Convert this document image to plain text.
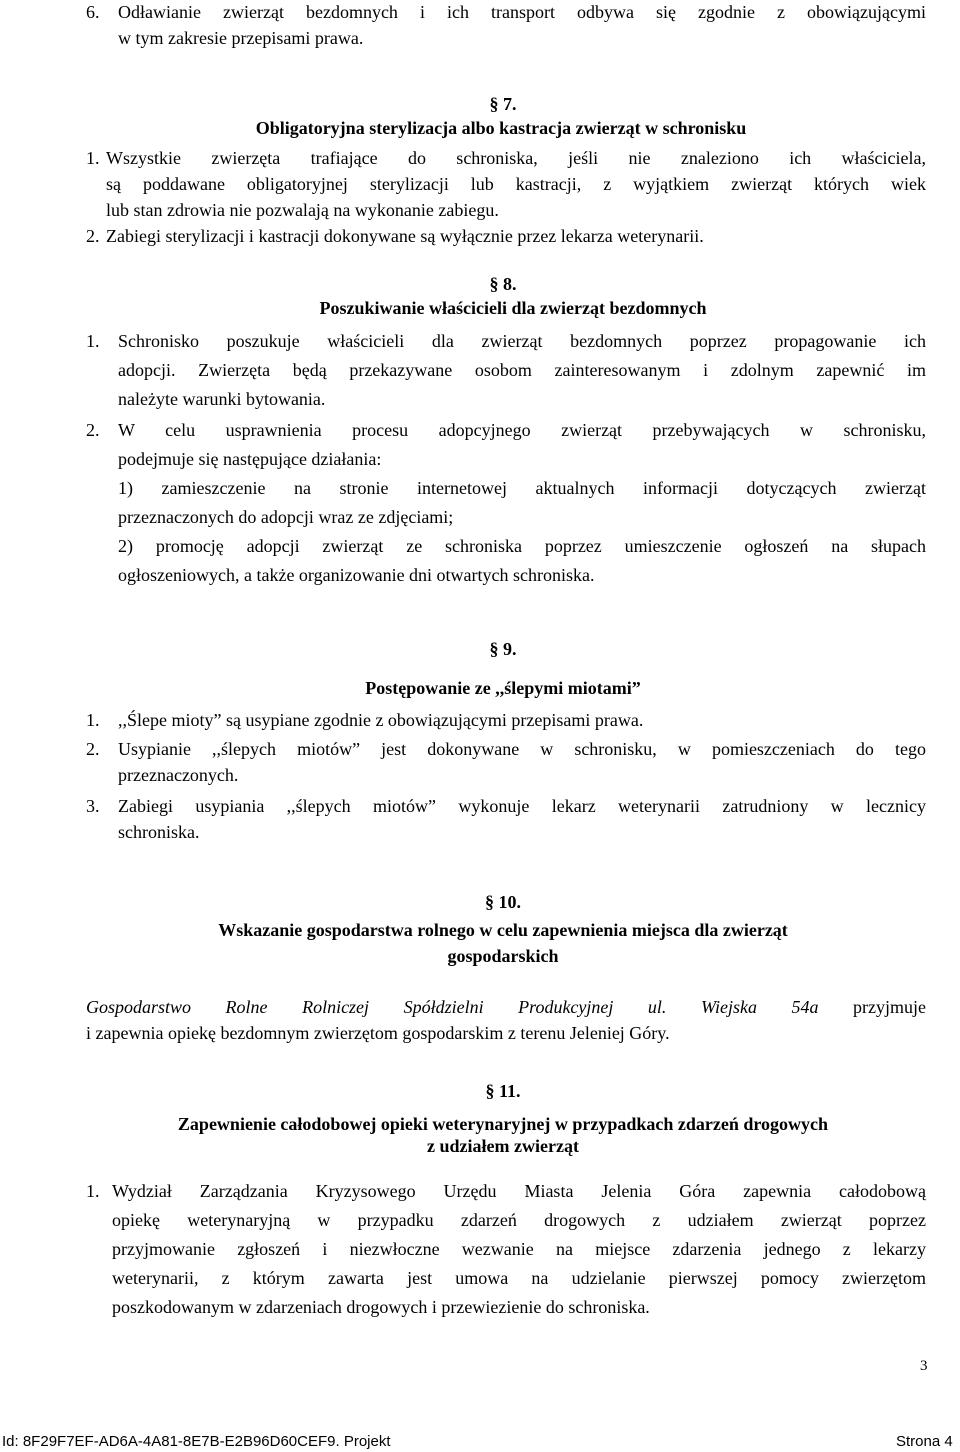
6. Odławianie zwierząt bezdomnych i ich transport odbywa się zgodnie z obowiązującymi
w tym zakresie przepisami prawa.
§ 7.
Obligatoryjna sterylizacja albo kastracja zwierząt w schronisku
1. Wszystkie zwierzęta trafiające do schroniska, jeśli nie znaleziono ich właściciela,
są poddawane obligatoryjnej sterylizacji lub kastracji, z wyjątkiem zwierząt których wiek
lub stan zdrowia nie pozwalają na wykonanie zabiegu.
2. Zabiegi sterylizacji i kastracji dokonywane są wyłącznie przez lekarza weterynarii.
§ 8.
Poszukiwanie właścicieli dla zwierząt bezdomnych
1. Schronisko poszukuje właścicieli dla zwierząt bezdomnych poprzez propagowanie ich
adopcji. Zwierzęta będą przekazywane osobom zainteresowanym i zdolnym zapewnić im
należyte warunki bytowania.
2. W celu usprawnienia procesu adopcyjnego zwierząt przebywających w schronisku,
podejmuje się następujące działania:
1) zamieszczenie na stronie internetowej aktualnych informacji dotyczących zwierząt
przeznaczonych do adopcji wraz ze zdjęciami;
2) promocję adopcji zwierząt ze schroniska poprzez umieszczenie ogłoszeń na słupach
ogłoszeniowych, a także organizowanie dni otwartych schroniska.
§ 9.
Postępowanie ze ,,ślepymi miotami”
1. ,,Ślepe mioty” są usypiane zgodnie z obowiązującymi przepisami prawa.
2. Usypianie ,,ślepych miotów” jest dokonywane w schronisku, w pomieszczeniach do tego
przeznaczonych.
3. Zabiegi usypiania ,,ślepych miotów” wykonuje lekarz weterynarii zatrudniony w lecznicy
schroniska.
§ 10.
Wskazanie gospodarstwa rolnego w celu zapewnienia miejsca dla zwierząt
gospodarskich
Gospodarstwo Rolne Rolniczej Spółdzielni Produkcyjnej ul. Wiejska 54a przyjmuje
i zapewnia opiekę bezdomnym zwierzętom gospodarskim z terenu Jeleniej Góry.
§ 11.
Zapewnienie całodobowej opieki weterynaryjnej w przypadkach zdarzeń drogowych
z udziałem zwierząt
1. Wydział Zarządzania Kryzysowego Urzędu Miasta Jelenia Góra zapewnia całodobową
opiekę weterynaryjną w przypadku zdarzeń drogowych z udziałem zwierząt poprzez
przyjmowanie zgłoszeń i niezwłoczne wezwanie na miejsce zdarzenia jednego z lekarzy
weterynarii, z którym zawarta jest umowa na udzielanie pierwszej pomocy zwierzętom
poszkodowanym w zdarzeniach drogowych i przewiezienie do schroniska.
3
Id: 8F29F7EF-AD6A-4A81-8E7B-E2B96D60CEF9. Projekt	Strona 4
